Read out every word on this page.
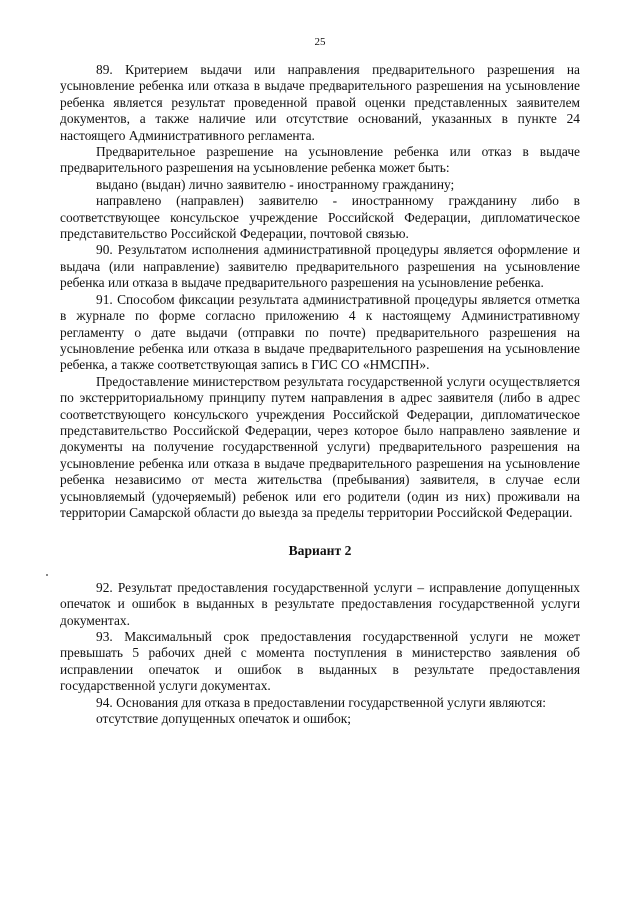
25

89. Критерием выдачи или направления предварительного разрешения на усыновление ребенка или отказа в выдаче предварительного разрешения на усыновление ребенка является результат проведенной правой оценки представленных заявителем документов, а также наличие или отсутствие оснований, указанных в пункте 24 настоящего Административного регламента.

Предварительное разрешение на усыновление ребенка или отказ в выдаче предварительного разрешения на усыновление ребенка может быть:

выдано (выдан) лично заявителю - иностранному гражданину;

направлено (направлен) заявителю - иностранному гражданину либо в соответствующее консульское учреждение Российской Федерации, дипломатическое представительство Российской Федерации, почтовой связью.

90. Результатом исполнения административной процедуры является оформление и выдача (или направление) заявителю предварительного разрешения на усыновление ребенка или отказа в выдаче предварительного разрешения на усыновление ребенка.

91. Способом фиксации результата административной процедуры является отметка в журнале по форме согласно приложению 4 к настоящему Административному регламенту о дате выдачи (отправки по почте) предварительного разрешения на усыновление ребенка или отказа в выдаче предварительного разрешения на усыновление ребенка, а также соответствующая запись в ГИС СО «НМСПН».

Предоставление министерством результата государственной услуги осуществляется по экстерриториальному принципу путем направления в адрес заявителя (либо в адрес соответствующего консульского учреждения Российской Федерации, дипломатическое представительство Российской Федерации, через которое было направлено заявление и документы на получение государственной услуги) предварительного разрешения на усыновление ребенка или отказа в выдаче предварительного разрешения на усыновление ребенка независимо от места жительства (пребывания) заявителя, в случае если усыновляемый (удочеряемый) ребенок или его родители (один из них) проживали на территории Самарской области до выезда за пределы территории Российской Федерации.

Вариант 2

92. Результат предоставления государственной услуги – исправление допущенных опечаток и ошибок в выданных в результате предоставления государственной услуги документах.

93. Максимальный срок предоставления государственной услуги не может превышать 5 рабочих дней с момента поступления в министерство заявления об исправлении опечаток и ошибок в выданных в результате предоставления государственной услуги документах.

94. Основания для отказа в предоставлении государственной услуги являются:

отсутствие допущенных опечаток и ошибок;
